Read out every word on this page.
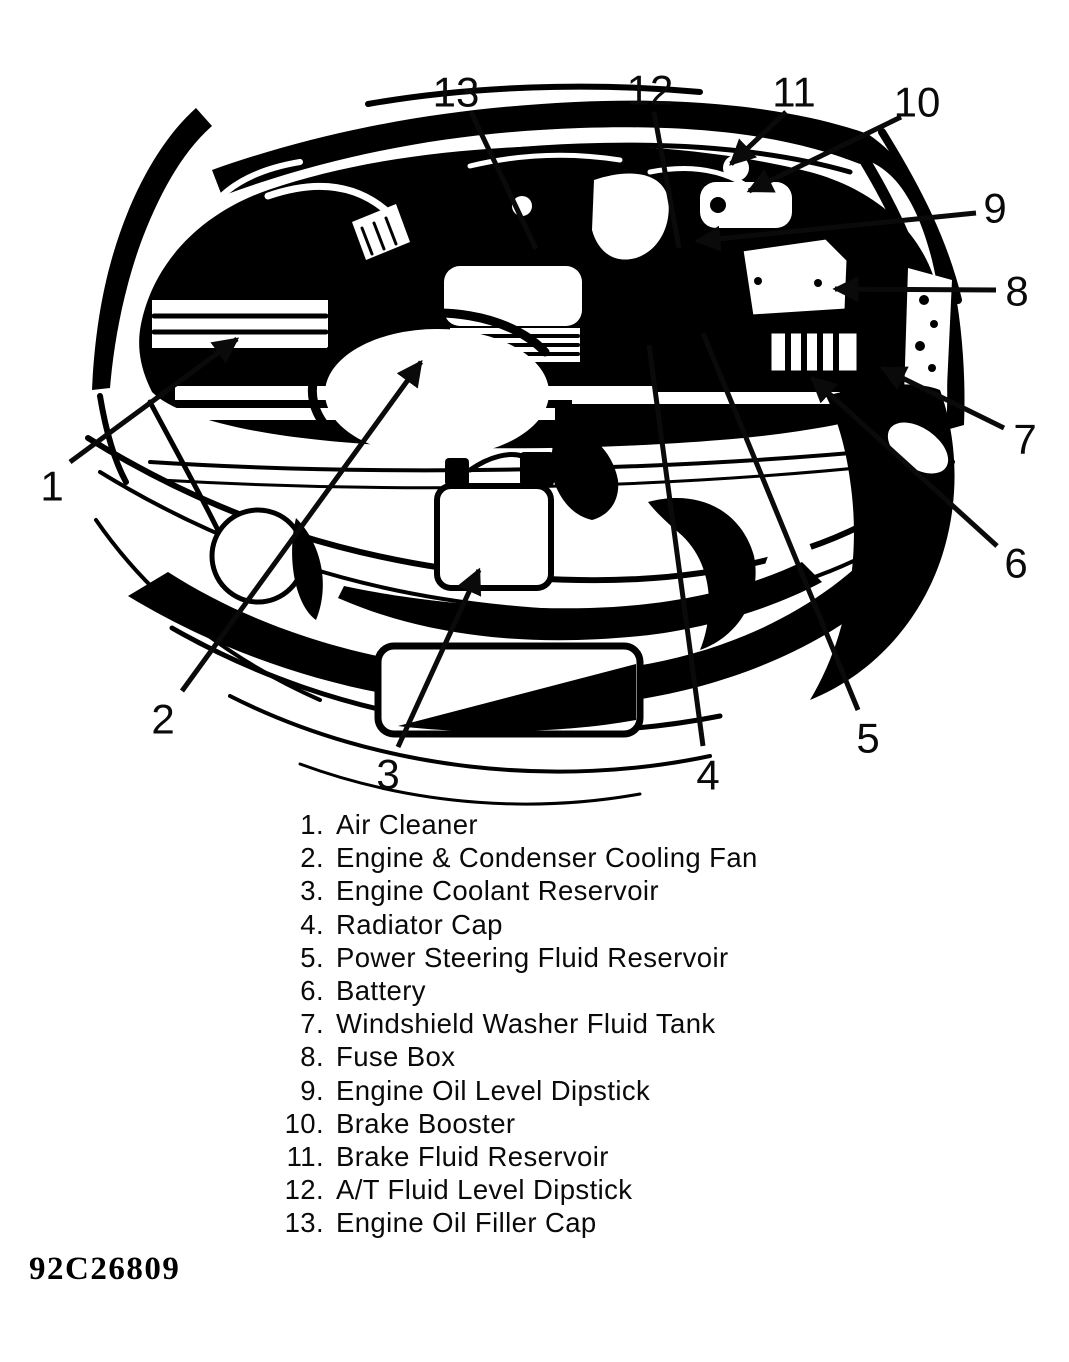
1
2
3	4
5
6
7
8
9
10
11
12
13
1. Air Cleaner
2. Engine & Condenser Cooling Fan
3. Engine Coolant Reservoir
4. Radiator Cap
5. Power Steering Fluid Reservoir
6. Battery
7. Windshield Washer Fluid Tank
8. Fuse Box
9. Engine Oil Level Dipstick
10. Brake Booster
11. Brake Fluid Reservoir
12. A/T Fluid Level Dipstick
13. Engine Oil Filler Cap
92C26809
